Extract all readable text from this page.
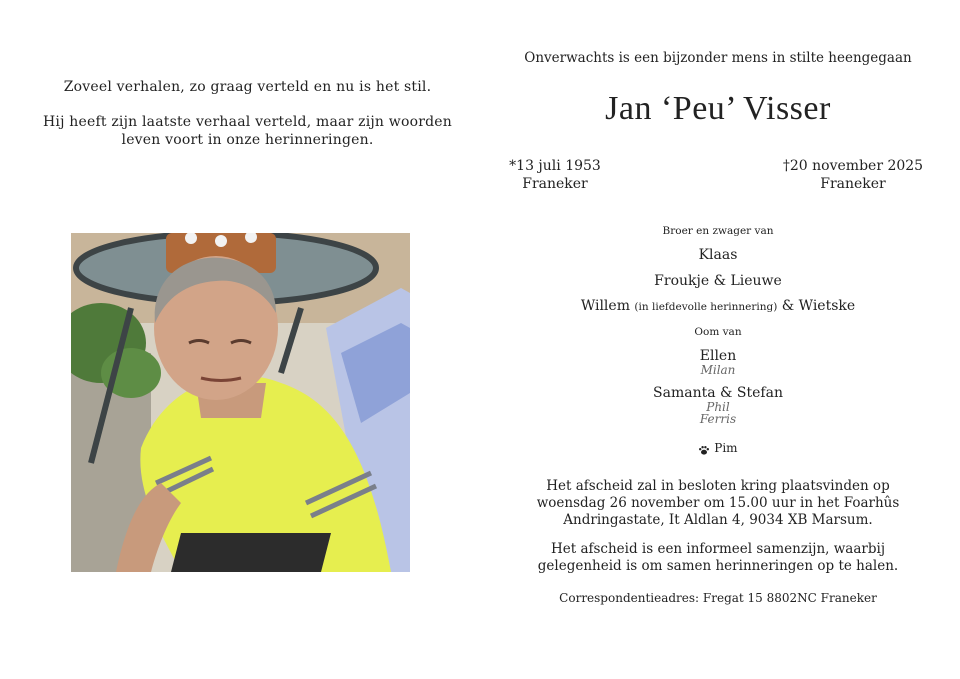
Zoveel verhalen, zo graag verteld en nu is het stil.
Hij heeft zijn laatste verhaal verteld, maar zijn woorden
leven voort in onze herinneringen.
Onverwachts is een bijzonder mens in stilte heengegaan
Jan ‘Peu’ Visser
*13 juli 1953
Franeker
†20 november 2025
Franeker
Broer en zwager van
Klaas
Froukje & Lieuwe
Willem (in liefdevolle herinnering) & Wietske
Oom van
Ellen
Milan
Samanta & Stefan
Phil
Ferris
Pim
Het afscheid zal in besloten kring plaatsvinden op
woensdag 26 november om 15.00 uur in het Foarhûs
Andringastate, It Aldlan 4, 9034 XB Marsum.
Het afscheid is een informeel samenzijn, waarbij
gelegenheid is om samen herinneringen op te halen.
Correspondentieadres: Fregat 15 8802NC Franeker
